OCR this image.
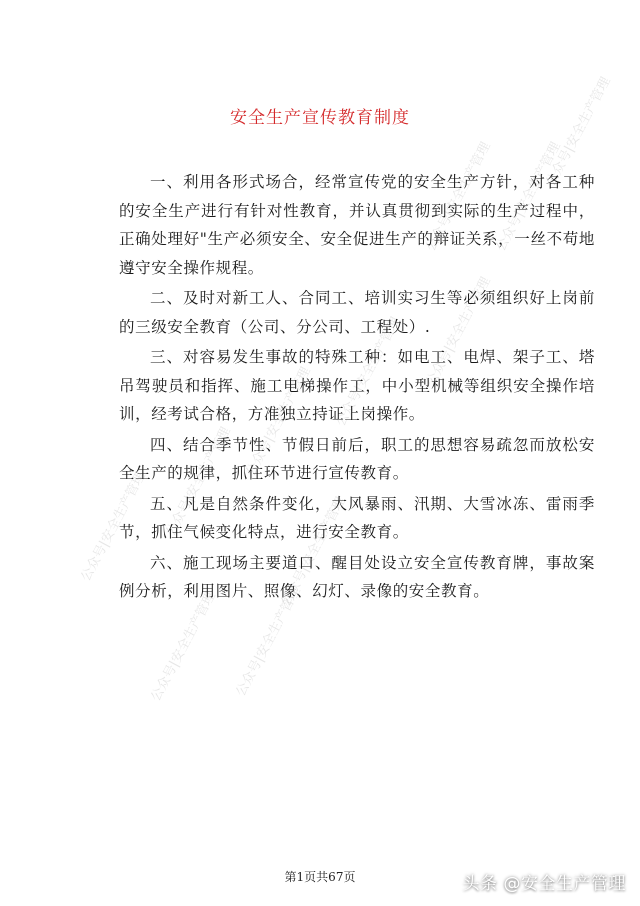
公众号|安全生产管理 公众号|安全生产管理
公众号|安全生产管理
公众号|安全生产管理 公众号|安全生产管理 公众号|安全生产管理
公众号|安全生产管理 公众号|安全生产管理
公众号|安全生产管理
公众号|安全生产管理 公众号|安全生产管理
安全生产宣传教育制度

一、利用各形式场合，经常宣传党的安全生产方针，对各工种的安全生产进行有针对性教育，并认真贯彻到实际的生产过程中，正确处理好"生产必须安全、安全促进生产的辩证关系，一丝不苟地遵守安全操作规程。

二、及时对新工人、合同工、培训实习生等必须组织好上岗前的三级安全教育（公司、分公司、工程处）.

三、对容易发生事故的特殊工种：如电工、电焊、架子工、塔吊驾驶员和指挥、施工电梯操作工，中小型机械等组织安全操作培训，经考试合格，方准独立持证上岗操作。

四、结合季节性、节假日前后，职工的思想容易疏忽而放松安全生产的规律，抓住环节进行宣传教育。

五、凡是自然条件变化，大风暴雨、汛期、大雪冰冻、雷雨季节，抓住气候变化特点，进行安全教育。

六、施工现场主要道口、醒目处设立安全宣传教育牌，事故案例分析，利用图片、照像、幻灯、录像的安全教育。

第1页共67页	头条 @安全生产管理
